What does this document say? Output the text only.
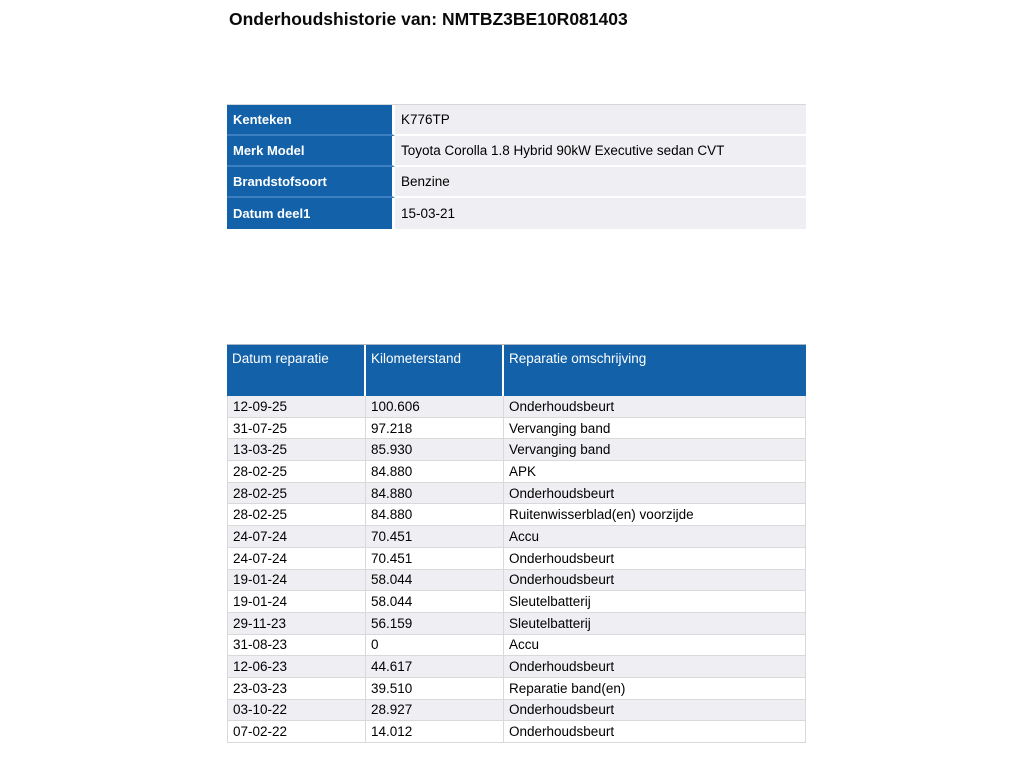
Onderhoudshistorie van: NMTBZ3BE10R081403
Kenteken	K776TP
Merk Model	Toyota Corolla 1.8 Hybrid 90kW Executive sedan CVT
Brandstofsoort	Benzine
Datum deel1	15-03-21
Datum reparatie	Kilometerstand	Reparatie omschrijving
12-09-25	100.606	Onderhoudsbeurt
31-07-25	97.218	Vervanging band
13-03-25	85.930	Vervanging band
28-02-25	84.880	APK
28-02-25	84.880	Onderhoudsbeurt
28-02-25	84.880	Ruitenwisserblad(en) voorzijde
24-07-24	70.451	Accu
24-07-24	70.451	Onderhoudsbeurt
19-01-24	58.044	Onderhoudsbeurt
19-01-24	58.044	Sleutelbatterij
29-11-23	56.159	Sleutelbatterij
31-08-23	0	Accu
12-06-23	44.617	Onderhoudsbeurt
23-03-23	39.510	Reparatie band(en)
03-10-22	28.927	Onderhoudsbeurt
07-02-22	14.012	Onderhoudsbeurt
